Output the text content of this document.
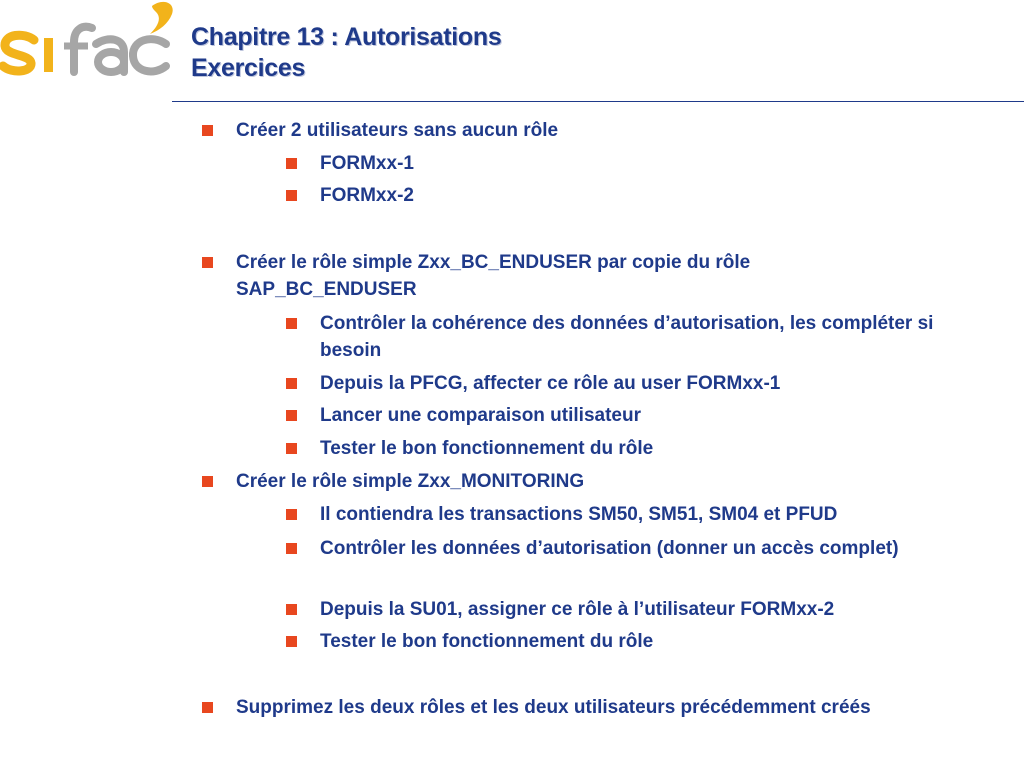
Chapitre 13 : Autorisations
Exercices
Créer 2 utilisateurs sans aucun rôle
FORMxx-1
FORMxx-2
Créer le rôle simple Zxx_BC_ENDUSER par copie du rôle SAP_BC_ENDUSER
Contrôler la cohérence des données d’autorisation, les compléter si besoin
Depuis la PFCG, affecter ce rôle au user FORMxx-1
Lancer une comparaison utilisateur
Tester le bon fonctionnement du rôle
Créer le rôle simple Zxx_MONITORING
Il contiendra les transactions SM50, SM51, SM04 et PFUD
Contrôler les données d’autorisation (donner un accès complet)
Depuis la SU01, assigner ce rôle à l’utilisateur FORMxx-2
Tester le bon fonctionnement du rôle
Supprimez les deux rôles et les deux utilisateurs précédemment créés
